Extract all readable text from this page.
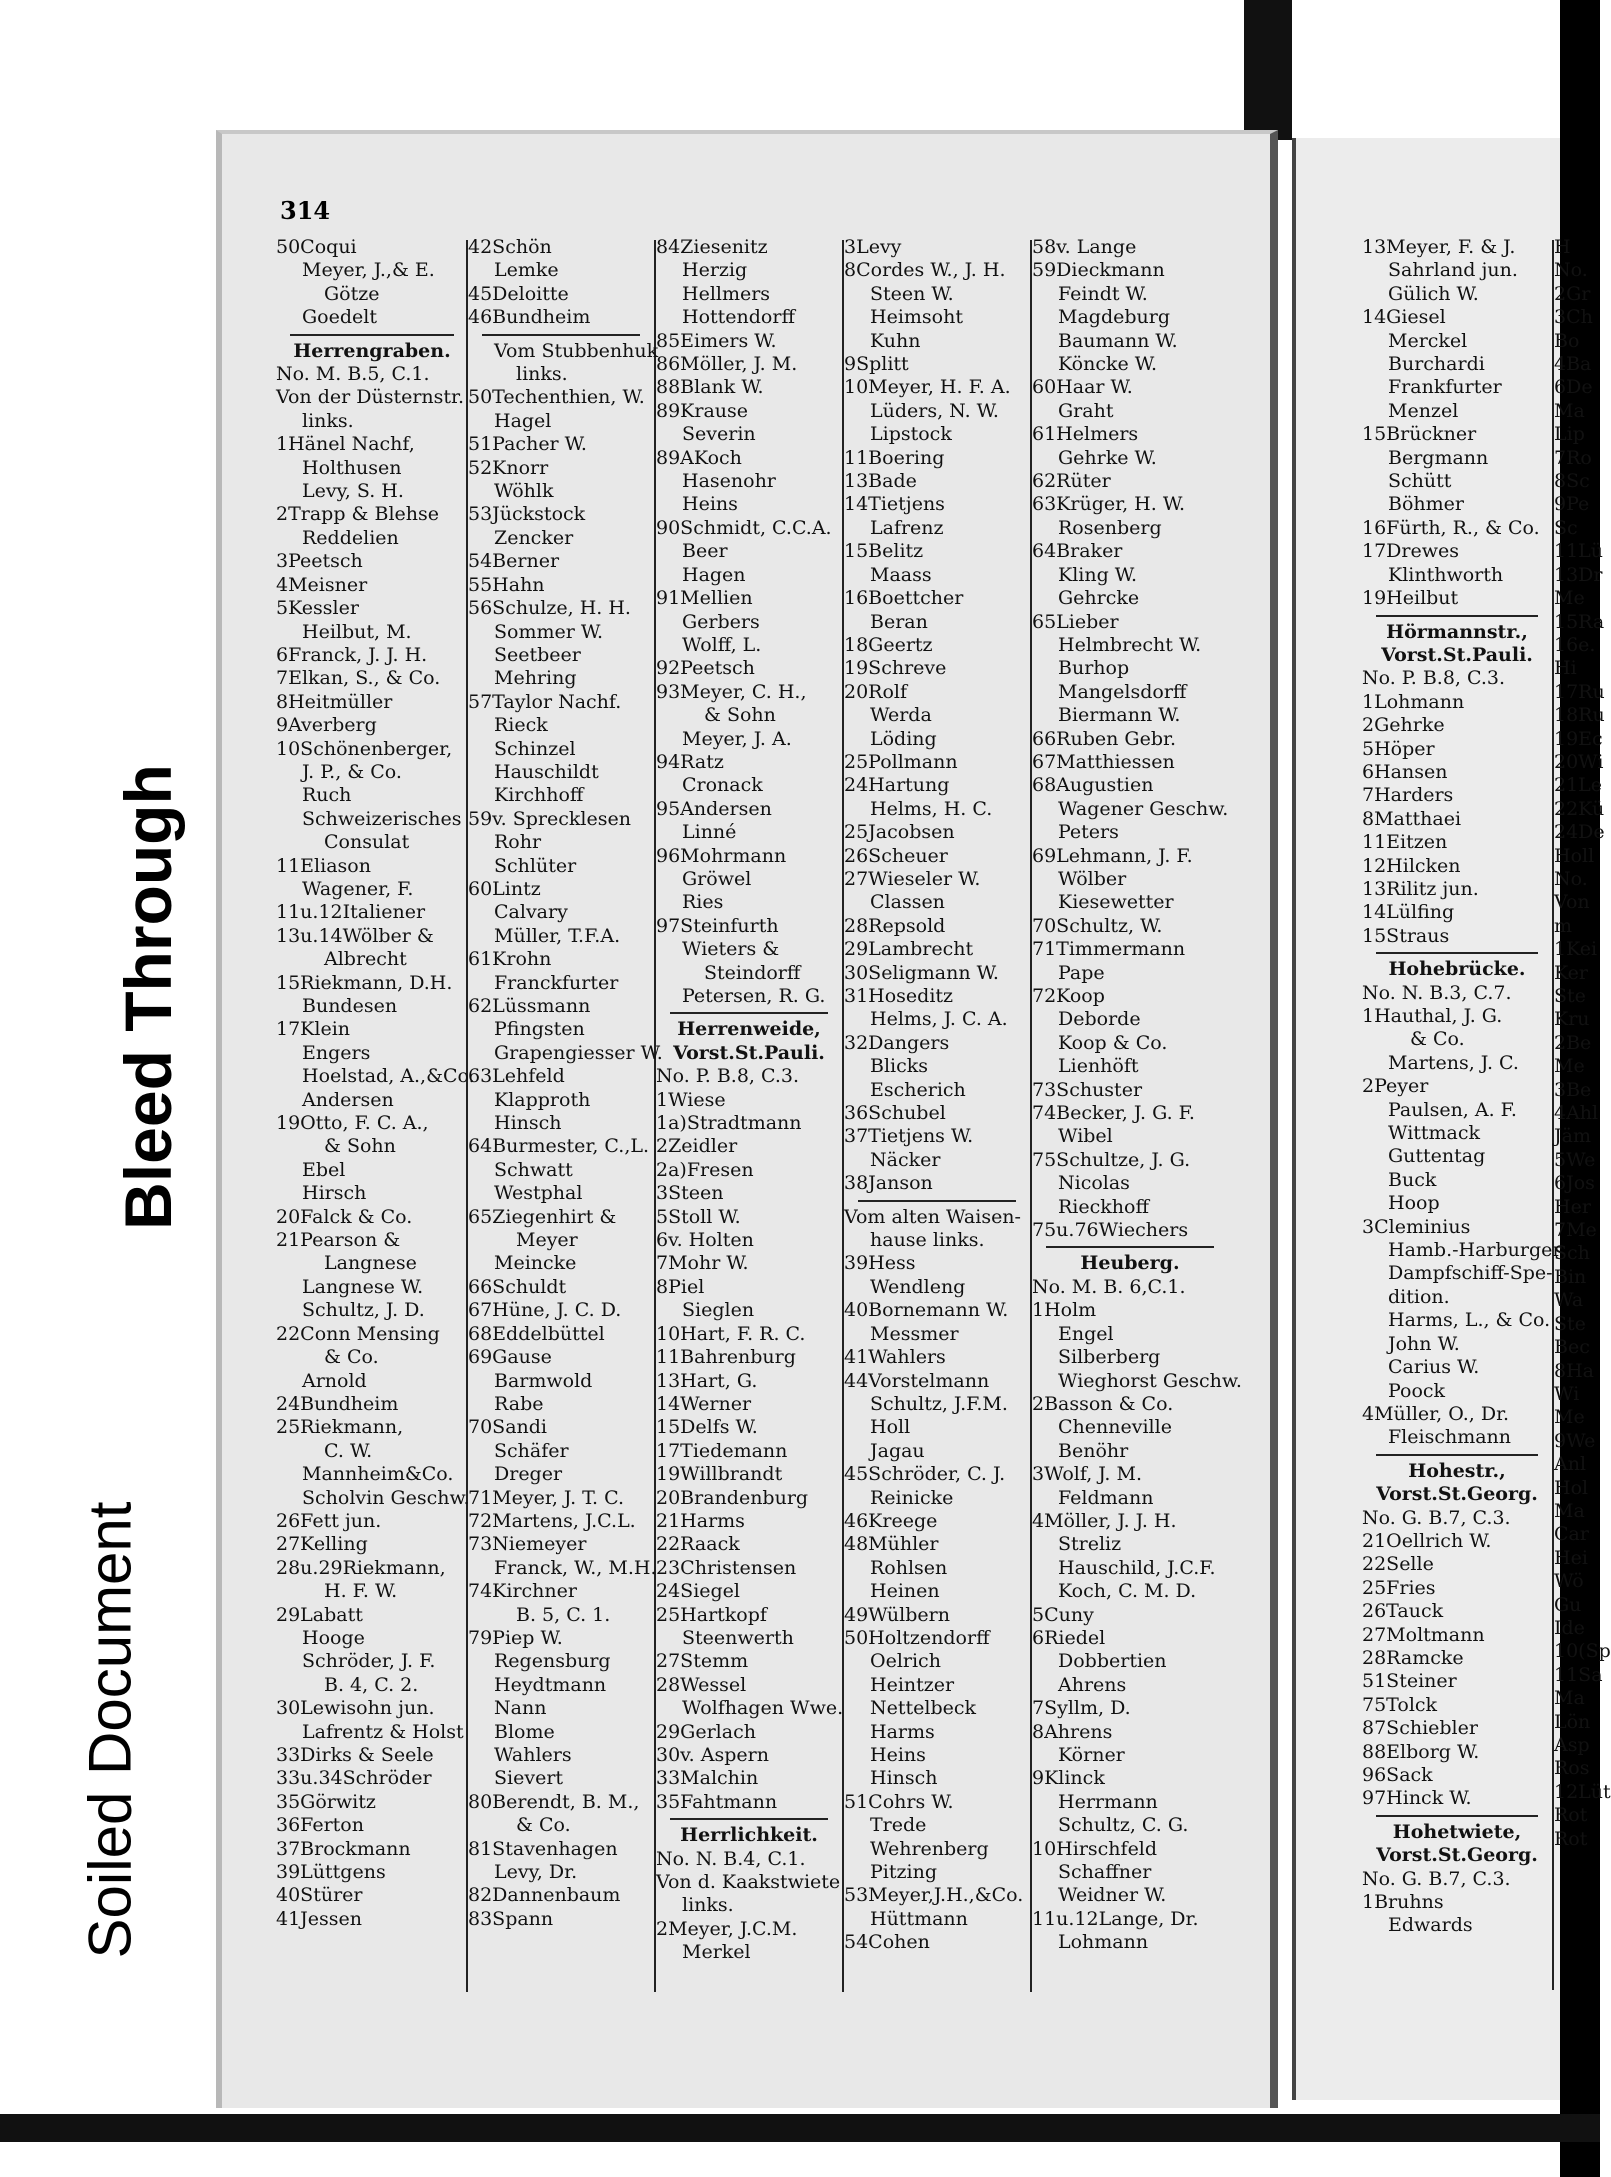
314
50Coqui
Meyer, J.,& E.
Götze
Goedelt
Herrengraben.
No. M. B.5, C.1.
Von der Düsternstr.
links.
1Hänel Nachf,
Holthusen
Levy, S. H.
2Trapp & Blehse
Reddelien
3Peetsch
4Meisner
5Kessler
Heilbut, M.
6Franck, J. J. H.
7Elkan, S., & Co.
8Heitmüller
9Averberg
10Schönenberger,
J. P., & Co.
Ruch
Schweizerisches
Consulat
11Eliason
Wagener, F.
11u.12Italiener
13u.14Wölber &
Albrecht
15Riekmann, D.H.
Bundesen
17Klein
Engers
Hoelstad, A.,&Co.
Andersen
19Otto, F. C. A.,
& Sohn
Ebel
Hirsch
20Falck & Co.
21Pearson &
Langnese
Langnese W.
Schultz, J. D.
22Conn Mensing
& Co.
Arnold
24Bundheim
25Riekmann,
C. W.
Mannheim&Co.
Scholvin Geschw.
26Fett jun.
27Kelling
28u.29Riekmann,
H. F. W.
29Labatt
Hooge
Schröder, J. F.
B. 4, C. 2.
30Lewisohn jun.
Lafrentz & Holst
33Dirks & Seele
33u.34Schröder
35Görwitz
36Ferton
37Brockmann
39Lüttgens
40Stürer
41Jessen
42Schön
Lemke
45Deloitte
46Bundheim
Vom Stubbenhuk
links.
50Techenthien, W.
Hagel
51Pacher W.
52Knorr
Wöhlk
53Jückstock
Zencker
54Berner
55Hahn
56Schulze, H. H.
Sommer W.
Seetbeer
Mehring
57Taylor Nachf.
Rieck
Schinzel
Hauschildt
Kirchhoff
59v. Sprecklesen
Rohr
Schlüter
60Lintz
Calvary
Müller, T.F.A.
61Krohn
Franckfurter
62Lüssmann
Pfingsten
Grapengiesser W.
63Lehfeld
Klapproth
Hinsch
64Burmester, C.,L.
Schwatt
Westphal
65Ziegenhirt &
Meyer
Meincke
66Schuldt
67Hüne, J. C. D.
68Eddelbüttel
69Gause
Barmwold
Rabe
70Sandi
Schäfer
Dreger
71Meyer, J. T. C.
72Martens, J.C.L.
73Niemeyer
Franck, W., M.H.
74Kirchner
B. 5, C. 1.
79Piep W.
Regensburg
Heydtmann
Nann
Blome
Wahlers
Sievert
80Berendt, B. M.,
& Co.
81Stavenhagen
Levy, Dr.
82Dannenbaum
83Spann
84Ziesenitz
Herzig
Hellmers
Hottendorff
85Eimers W.
86Möller, J. M.
88Blank W.
89Krause
Severin
89AKoch
Hasenohr
Heins
90Schmidt, C.C.A.
Beer
Hagen
91Mellien
Gerbers
Wolff, L.
92Peetsch
93Meyer, C. H.,
& Sohn
Meyer, J. A.
94Ratz
Cronack
95Andersen
Linné
96Mohrmann
Gröwel
Ries
97Steinfurth
Wieters &
Steindorff
Petersen, R. G.
Herrenweide,
Vorst.St.Pauli.
No. P. B.8, C.3.
1Wiese
1a)Stradtmann
2Zeidler
2a)Fresen
3Steen
5Stoll W.
6v. Holten
7Mohr W.
8Piel
Sieglen
10Hart, F. R. C.
11Bahrenburg
13Hart, G.
14Werner
15Delfs W.
17Tiedemann
19Willbrandt
20Brandenburg
21Harms
22Raack
23Christensen
24Siegel
25Hartkopf
Steenwerth
27Stemm
28Wessel
Wolfhagen Wwe.
29Gerlach
30v. Aspern
33Malchin
35Fahtmann
Herrlichkeit.
No. N. B.4, C.1.
Von d. Kaakstwiete
links.
2Meyer, J.C.M.
Merkel
3Levy
8Cordes W., J. H.
Steen W.
Heimsoht
Kuhn
9Splitt
10Meyer, H. F. A.
Lüders, N. W.
Lipstock
11Boering
13Bade
14Tietjens
Lafrenz
15Belitz
Maass
16Boettcher
Beran
18Geertz
19Schreve
20Rolf
Werda
Löding
25Pollmann
24Hartung
Helms, H. C.
25Jacobsen
26Scheuer
27Wieseler W.
Classen
28Repsold
29Lambrecht
30Seligmann W.
31Hoseditz
Helms, J. C. A.
32Dangers
Blicks
Escherich
36Schubel
37Tietjens W.
Näcker
38Janson
Vom alten Waisen-
hause links.
39Hess
Wendleng
40Bornemann W.
Messmer
41Wahlers
44Vorstelmann
Schultz, J.F.M.
Holl
Jagau
45Schröder, C. J.
Reinicke
46Kreege
48Mühler
Rohlsen
Heinen
49Wülbern
50Holtzendorff
Oelrich
Heintzer
Nettelbeck
Harms
Heins
Hinsch
51Cohrs W.
Trede
Wehrenberg
Pitzing
53Meyer,J.H.,&Co.
Hüttmann
54Cohen
58v. Lange
59Dieckmann
Feindt W.
Magdeburg
Baumann W.
Köncke W.
60Haar W.
Graht
61Helmers
Gehrke W.
62Rüter
63Krüger, H. W.
Rosenberg
64Braker
Kling W.
Gehrcke
65Lieber
Helmbrecht W.
Burhop
Mangelsdorff
Biermann W.
66Ruben Gebr.
67Matthiessen
68Augustien
Wagener Geschw.
Peters
69Lehmann, J. F.
Wölber
Kiesewetter
70Schultz, W.
71Timmermann
Pape
72Koop
Deborde
Koop & Co.
Lienhöft
73Schuster
74Becker, J. G. F.
Wibel
75Schultze, J. G.
Nicolas
Rieckhoff
75u.76Wiechers
Heuberg.
No. M. B. 6,C.1.
1Holm
Engel
Silberberg
Wieghorst Geschw.
2Basson & Co.
Chenneville
Benöhr
3Wolf, J. M.
Feldmann
4Möller, J. J. H.
Streliz
Hauschild, J.C.F.
Koch, C. M. D.
5Cuny
6Riedel
Dobbertien
Ahrens
7Syllm, D.
8Ahrens
Körner
9Klinck
Herrmann
Schultz, C. G.
10Hirschfeld
Schaffner
Weidner W.
11u.12Lange, Dr.
Lohmann
13Meyer, F. & J.
Sahrland jun.
Gülich W.
14Giesel
Merckel
Burchardi
Frankfurter
Menzel
15Brückner
Bergmann
Schütt
Böhmer
16Fürth, R., & Co.
17Drewes
Klinthworth
19Heilbut
Hörmannstr.,
Vorst.St.Pauli.
No. P. B.8, C.3.
1Lohmann
2Gehrke
5Höper
6Hansen
7Harders
8Matthaei
11Eitzen
12Hilcken
13Rilitz jun.
14Lülfing
15Straus
Hohebrücke.
No. N. B.3, C.7.
1Hauthal, J. G.
& Co.
Martens, J. C.
2Peyer
Paulsen, A. F.
Wittmack
Guttentag
Buck
Hoop
3Cleminius
Hamb.-Harburger
Dampfschiff-Spe-
dition.
Harms, L., & Co.
John W.
Carius W.
Poock
4Müller, O., Dr.
Fleischmann
Hohestr.,
Vorst.St.Georg.
No. G. B.7, C.3.
21Oellrich W.
22Selle
25Fries
26Tauck
27Moltmann
28Ramcke
51Steiner
75Tolck
87Schiebler
88Elborg W.
96Sack
97Hinck W.
Hohetwiete,
Vorst.St.Georg.
No. G. B.7, C.3.
1Bruhns
Edwards
H
No.
2Gr
3Ch
Bo
4Ba
6De
Ma
Lip
7Ro
8Sc
9Pe
Sc
11Lü
13Dr
Me
15Ra
16e.
Hi
17Ru
18Ru
19Ec
20Wi
21Le
22Kü
24De
Holl
No.
Von
m
1Kei
Ker
Ste
Kru
2Be
Me
3Be
4Ahl
Jäm
5We
6Jos
Her
7Me
Sch
Bin
Wa
Ste
Bec
8Ha
Wi
Me
9We
Anl
Hol
Ma
Car
Hei
Wö
Gu
Ide
10(Sp
11Sa
Ma
Lön
Asp
Ros
12Lüt
Rot
Rot
Bleed Through
Soiled Document
